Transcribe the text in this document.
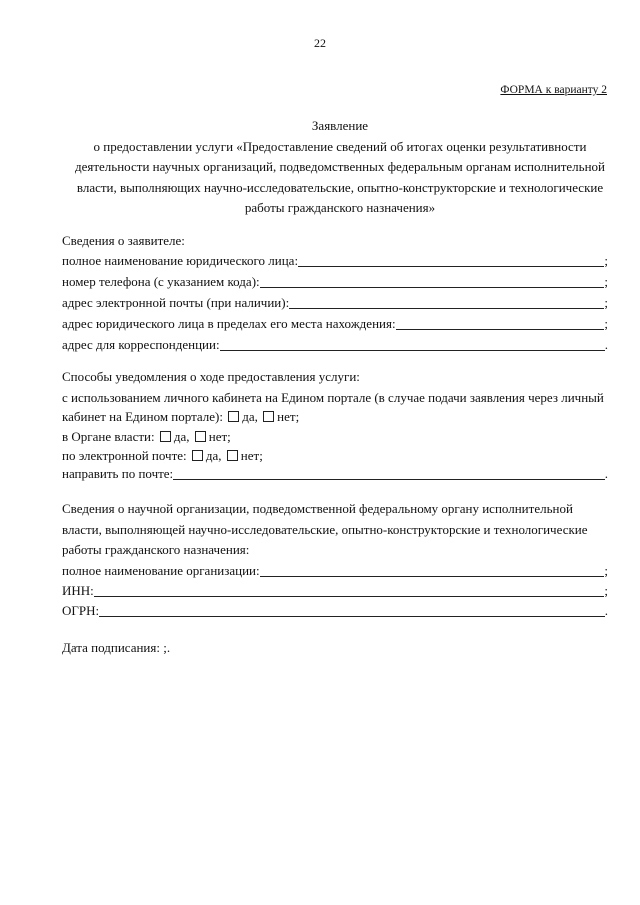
22
ФОРМА к варианту 2
Заявление
о предоставлении услуги «Предоставление сведений об итогах оценки результативности
деятельности научных организаций, подведомственных федеральным органам исполнительной
власти, выполняющих научно-исследовательские, опытно-конструкторские и технологические
работы гражданского назначения»
Сведения о заявителе:
полное наименование юридического лица:	;
номер телефона (с указанием кода):	;
адрес электронной почты (при наличии):	;
адрес юридического лица в пределах его места нахождения:	;
адрес для корреспонденции:	.
Способы уведомления о ходе предоставления услуги:
с использованием личного кабинета на Едином портале (в случае подачи заявления через личный
кабинет на Едином портале): да, нет;
в Органе власти: да, нет;
по электронной почте: да, нет;
направить по почте:	.
Сведения о научной организации, подведомственной федеральному органу исполнительной
власти, выполняющей научно-исследовательские, опытно-конструкторские и технологические
работы гражданского назначения:
полное наименование организации:	;
ИНН:	;
ОГРН:	.
Дата подписания: ;.
